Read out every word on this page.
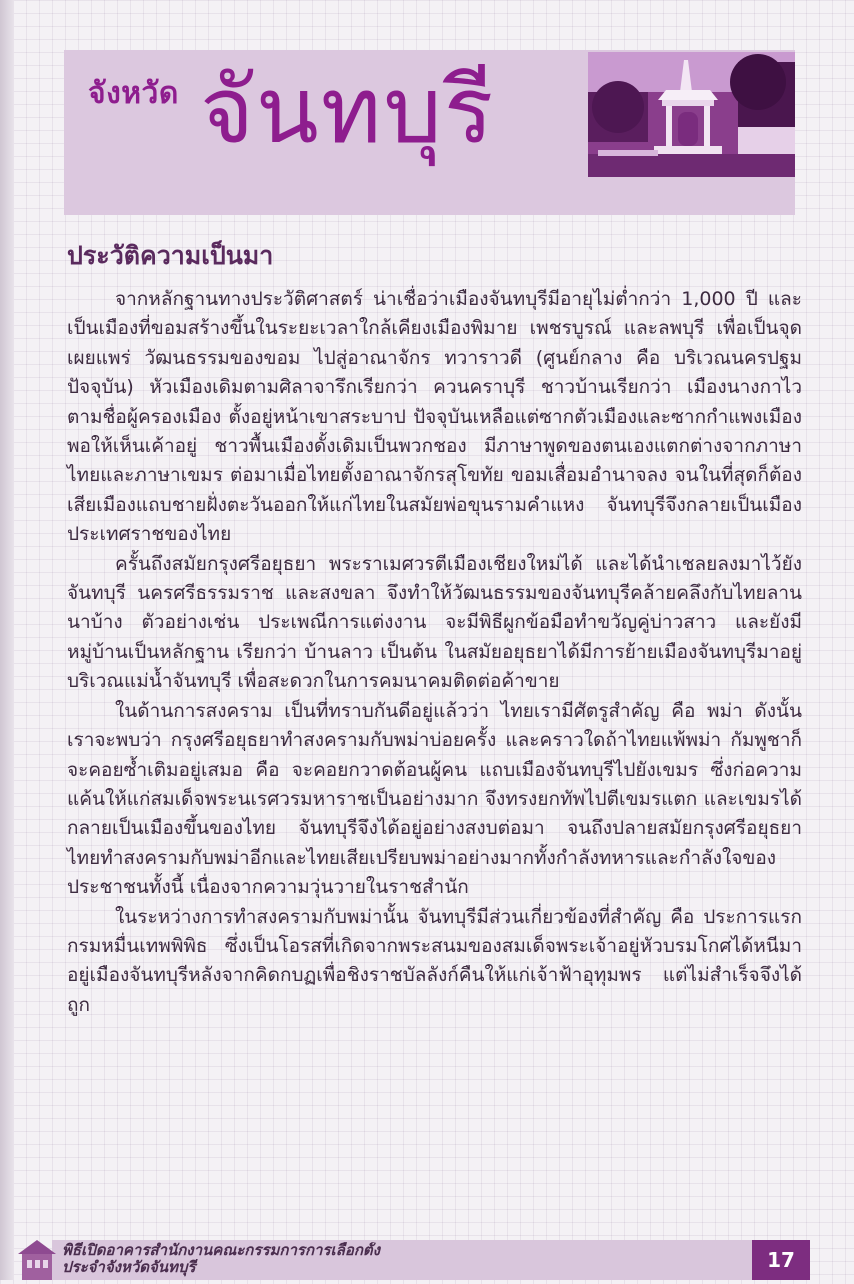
จังหวัด จันทบุรี
ประวัติความเป็นมา

จากหลักฐานทางประวัติศาสตร์ น่าเชื่อว่าเมืองจันทบุรีมีอายุไม่ต่ำกว่า 1,000 ปี และเป็นเมืองที่ขอมสร้างขึ้นในระยะเวลาใกล้เคียงเมืองพิมาย เพชรบูรณ์ และลพบุรี เพื่อเป็นจุดเผยแพร่ วัฒนธรรมของขอม ไปสู่อาณาจักร ทวาราวดี (ศูนย์กลาง คือ บริเวณนครปฐมปัจจุบัน) หัวเมืองเดิมตามศิลาจารึกเรียกว่า ควนคราบุรี ชาวบ้านเรียกว่า เมืองนางกาไว ตามชื่อผู้ครองเมือง ตั้งอยู่หน้าเขาสระบาป ปัจจุบันเหลือแต่ซากตัวเมืองและซากกำแพงเมืองพอให้เห็นเค้าอยู่ ชาวพื้นเมืองดั้งเดิมเป็นพวกชอง มีภาษาพูดของตนเองแตกต่างจากภาษาไทยและภาษาเขมร ต่อมาเมื่อไทยตั้งอาณาจักรสุโขทัย ขอมเสื่อมอำนาจลง จนในที่สุดก็ต้องเสียเมืองแถบชายฝั่งตะวันออกให้แก่ไทยในสมัยพ่อขุนรามคำแหง จันทบุรีจึงกลายเป็นเมืองประเทศราชของไทย

ครั้นถึงสมัยกรุงศรีอยุธยา พระราเมศวรตีเมืองเชียงใหม่ได้ และได้นำเชลยลงมาไว้ยังจันทบุรี นครศรีธรรมราช และสงขลา จึงทำให้วัฒนธรรมของจันทบุรีคล้ายคลึงกับไทยลานนาบ้าง ตัวอย่างเช่น ประเพณีการแต่งงาน จะมีพิธีผูกข้อมือทำขวัญคู่บ่าวสาว และยังมีหมู่บ้านเป็นหลักฐาน เรียกว่า บ้านลาว เป็นต้น ในสมัยอยุธยาได้มีการย้ายเมืองจันทบุรีมาอยู่บริเวณแม่น้ำจันทบุรี เพื่อสะดวกในการคมนาคมติดต่อค้าขาย

ในด้านการสงคราม เป็นที่ทราบกันดีอยู่แล้วว่า ไทยเรามีศัตรูสำคัญ คือ พม่า ดังนั้น เราจะพบว่า กรุงศรีอยุธยาทำสงครามกับพม่าบ่อยครั้ง และคราวใดถ้าไทยแพ้พม่า กัมพูชาก็จะคอยซ้ำเติมอยู่เสมอ คือ จะคอยกวาดต้อนผู้คน แถบเมืองจันทบุรีไปยังเขมร ซึ่งก่อความแค้นให้แก่สมเด็จพระนเรศวรมหาราชเป็นอย่างมาก จึงทรงยกทัพไปตีเขมรแตก และเขมรได้กลายเป็นเมืองขึ้นของไทย จันทบุรีจึงได้อยู่อย่างสงบต่อมา จนถึงปลายสมัยกรุงศรีอยุธยา ไทยทำสงครามกับพม่าอีกและไทยเสียเปรียบพม่าอย่างมากทั้งกำลังทหารและกำลังใจของประชาชนทั้งนี้ เนื่องจากความวุ่นวายในราชสำนัก

ในระหว่างการทำสงครามกับพม่านั้น จันทบุรีมีส่วนเกี่ยวข้องที่สำคัญ คือ ประการแรก กรมหมื่นเทพพิพิธ ซึ่งเป็นโอรสที่เกิดจากพระสนมของสมเด็จพระเจ้าอยู่หัวบรมโกศได้หนีมาอยู่เมืองจันทบุรีหลังจากคิดกบฏเพื่อชิงราชบัลลังก์คืนให้แก่เจ้าฟ้าอุทุมพร แต่ไม่สำเร็จจึงได้ถูก

พิธีเปิดอาคารสำนักงานคณะกรรมการการเลือกตั้ง
ประจำจังหวัดจันทบุรี	17
